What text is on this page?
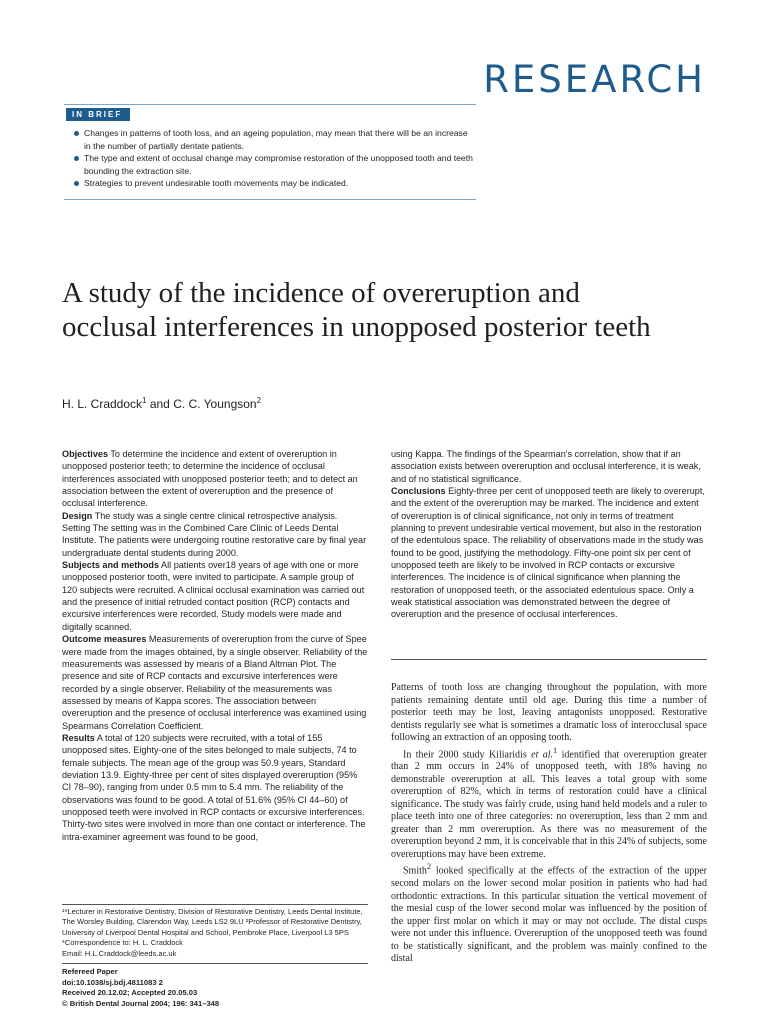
RESEARCH
IN BRIEF
Changes in patterns of tooth loss, and an ageing population, may mean that there will be an increase in the number of partially dentate patients.
The type and extent of occlusal change may compromise restoration of the unopposed tooth and teeth bounding the extraction site.
Strategies to prevent undesirable tooth movements may be indicated.
A study of the incidence of overeruption and occlusal interferences in unopposed posterior teeth
H. L. Craddock$^1$ and C. C. Youngson$^2$

Objectives To determine the incidence and extent of overeruption in unopposed posterior teeth; to determine the incidence of occlusal interferences associated with unopposed posterior teeth; and to detect an association between the extent of overeruption and the presence of occlusal interference.

Design The study was a single centre clinical retrospective analysis. Setting The setting was in the Combined Care Clinic of Leeds Dental Institute. The patients were undergoing routine restorative care by final year undergraduate dental students during 2000.

Subjects and methods All patients over18 years of age with one or more unopposed posterior tooth, were invited to participate. A sample group of 120 subjects were recruited. A clinical occlusal examination was carried out and the presence of initial retruded contact position (RCP) contacts and excursive interferences were recorded. Study models were made and digitally scanned.

Outcome measures Measurements of overeruption from the curve of Spee were made from the images obtained, by a single observer. Reliability of the measurements was assessed by means of a Bland Altman Plot. The presence and site of RCP contacts and excursive interferences were recorded by a single observer. Reliability of the measurements was assessed by means of Kappa scores. The association between overeruption and the presence of occlusal interference was examined using Spearmans Correlation Coefficient.

Results A total of 120 subjects were recruited, with a total of 155 unopposed sites. Eighty-one of the sites belonged to male subjects, 74 to female subjects. The mean age of the group was 50.9 years, Standard deviation 13.9. Eighty-three per cent of sites displayed overeruption (95% CI 78–90), ranging from under 0.5 mm to 5.4 mm. The reliability of the observations was found to be good. A total of 51.6% (95% CI 44–60) of unopposed teeth were involved in RCP contacts or excursive interferences. Thirty-two sites were involved in more than one contact or interference. The intra-examiner agreement was found to be good,

using Kappa. The findings of the Spearman's correlation, show that if an association exists between overeruption and occlusal interference, it is weak, and of no statistical significance.

Conclusions Eighty-three per cent of unopposed teeth are likely to overerupt, and the extent of the overeruption may be marked. The incidence and extent of overeruption is of clinical significance, not only in terms of treatment planning to prevent undesirable vertical movement, but also in the restoration of the edentulous space. The reliability of observations made in the study was found to be good, justifying the methodology. Fifty-one point six per cent of unopposed teeth are likely to be involved in RCP contacts or excursive interferences. The incidence is of clinical significance when planning the restoration of unopposed teeth, or the associated edentulous space. Only a weak statistical association was demonstrated between the degree of overeruption and the presence of occlusal interferences.

Patterns of tooth loss are changing throughout the population, with more patients remaining dentate until old age. During this time a number of posterior teeth may be lost, leaving antagonists unopposed. Restorative dentists regularly see what is sometimes a dramatic loss of interocclusal space following an extraction of an opposing tooth.

In their 2000 study Kiliaridis et al.$^1$ identified that overeruption greater than 2 mm occurs in 24% of unopposed teeth, with 18% having no demonstrable overeruption at all. This leaves a total group with some overeruption of 82%, which in terms of restoration could have a clinical significance. The study was fairly crude, using hand held models and a ruler to place teeth into one of three categories: no overeruption, less than 2 mm and greater than 2 mm overeruption. As there was no measurement of the overeruption beyond 2 mm, it is conceivable that in this 24% of subjects, some overeruptions may have been extreme.

Smith$^2$ looked specifically at the effects of the extraction of the upper second molars on the lower second molar position in patients who had had orthodontic extractions. In this particular situation the vertical movement of the mesial cusp of the lower second molar was influenced by the position of the upper first molar on which it may or may not occlude. The distal cusps were not under this influence. Overeruption of the unopposed teeth was found to be statistically significant, and the problem was mainly confined to the distal

¹*Lecturer in Restorative Dentistry, Division of Restorative Dentistry, Leeds Dental Institute, The Worsley Building, Clarendon Way, Leeds LS2 9LU ²Professor of Restorative Dentistry, University of Liverpool Dental Hospital and School, Pembroke Place, Liverpool L3 5PS

*Correspondence to: H. L. Craddock

Email: H.L.Craddock@leeds.ac.uk

Refereed Paper

doi:10.1038/sj.bdj.4811083 2

Received 20.12.02; Accepted 20.05.03

© British Dental Journal 2004; 196: 341–348
